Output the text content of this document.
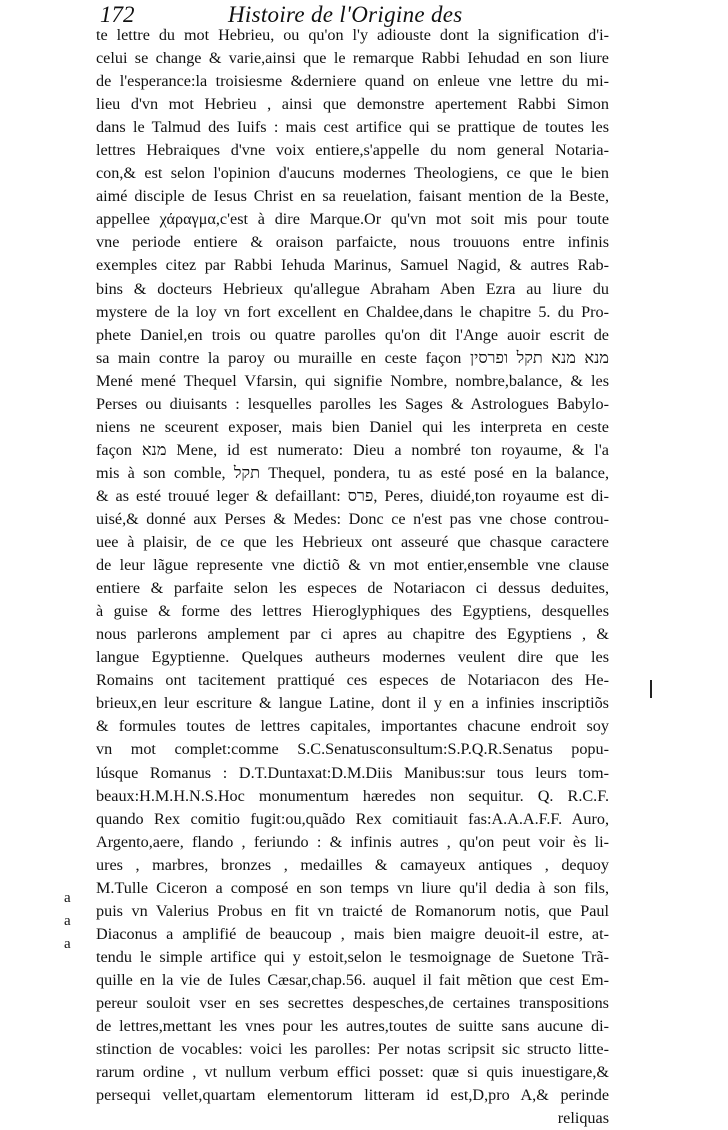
172	Histoire de l'Origine des
te lettre du mot Hebrieu, ou qu'on l'y adiouste dont la signification d'i-
celui se change & varie,ainsi que le remarque Rabbi Iehudad en son liure
de l'esperance:la troisiesme &derniere quand on enleue vne lettre du mi-
lieu d'vn mot Hebrieu , ainsi que demonstre apertement Rabbi Simon
dans le Talmud des Iuifs : mais cest artifice qui se prattique de toutes les
lettres Hebraiques d'vne voix entiere,s'appelle du nom general Notaria-
con,& est selon l'opinion d'aucuns modernes Theologiens, ce que le bien
aimé disciple de Iesus Christ en sa reuelation, faisant mention de la Beste,
appellee χάραγμα,c'est à dire Marque.Or qu'vn mot soit mis pour toute
vne periode entiere & oraison parfaicte, nous trouuons entre infinis
exemples citez par Rabbi Iehuda Marinus, Samuel Nagid, & autres Rab-
bins & docteurs Hebrieux qu'allegue Abraham Aben Ezra au liure du
mystere de la loy vn fort excellent en Chaldee,dans le chapitre 5. du Pro-
phete Daniel,en trois ou quatre parolles qu'on dit l'Ange auoir escrit de
sa main contre la paroy ou muraille en ceste façon מנא מנא תקל ופרסין
Mené mené Thequel Vfarsin, qui signifie Nombre, nombre,balance, & les
Perses ou diuisants : lesquelles parolles les Sages & Astrologues Babylo-
niens ne sceurent exposer, mais bien Daniel qui les interpreta en ceste
façon מנא Mene, id est numerato: Dieu a nombré ton royaume, & l'a
mis à son comble, תקל Thequel, pondera, tu as esté posé en la balance,
& as esté trouué leger & defaillant: פרס, Peres, diuidé,ton royaume est di-
uisé,& donné aux Perses & Medes: Donc ce n'est pas vne chose controu-
uee à plaisir, de ce que les Hebrieux ont asseuré que chasque caractere
de leur lãgue represente vne dictiõ & vn mot entier,ensemble vne clause
entiere & parfaite selon les especes de Notariacon ci dessus deduites,
à guise & forme des lettres Hieroglyphiques des Egyptiens, desquelles
nous parlerons amplement par ci apres au chapitre des Egyptiens , &
langue Egyptienne. Quelques autheurs modernes veulent dire que les
Romains ont tacitement prattiqué ces especes de Notariacon des He-
brieux,en leur escriture & langue Latine, dont il y en a infinies inscriptiõs
& formules toutes de lettres capitales, importantes chacune endroit soy
vn mot complet:comme S.C.Senatusconsultum:S.P.Q.R.Senatus popu-
lúsque Romanus : D.T.Duntaxat:D.M.Diis Manibus:sur tous leurs tom-
beaux:H.M.H.N.S.Hoc monumentum hæredes non sequitur. Q. R.C.F.
quando Rex comitio fugit:ou,quãdo Rex comitiauit fas:A.A.A.F.F. Auro,
Argento,aere, flando , feriundo : & infinis autres , qu'on peut voir ès li-
ures , marbres, bronzes , medailles & camayeux antiques , dequoy
M.Tulle Ciceron a composé en son temps vn liure qu'il dedia à son fils,
puis vn Valerius Probus en fit vn traicté de Romanorum notis, que Paul
Diaconus a amplifié de beaucoup , mais bien maigre deuoit-il estre, at-
tendu le simple artifice qui y estoit,selon le tesmoignage de Suetone Trã-
quille en la vie de Iules Cæsar,chap.56. auquel il fait mẽtion que cest Em-
pereur souloit vser en ses secrettes despesches,de certaines transpositions
de lettres,mettant les vnes pour les autres,toutes de suitte sans aucune di-
stinction de vocables: voici les parolles: Per notas scripsit sic structo litte-
rarum ordine , vt nullum verbum effici posset: quæ si quis inuestigare,&
persequi vellet,quartam elementorum litteram id est,D,pro A,& perinde
reliquas
a
a
a
